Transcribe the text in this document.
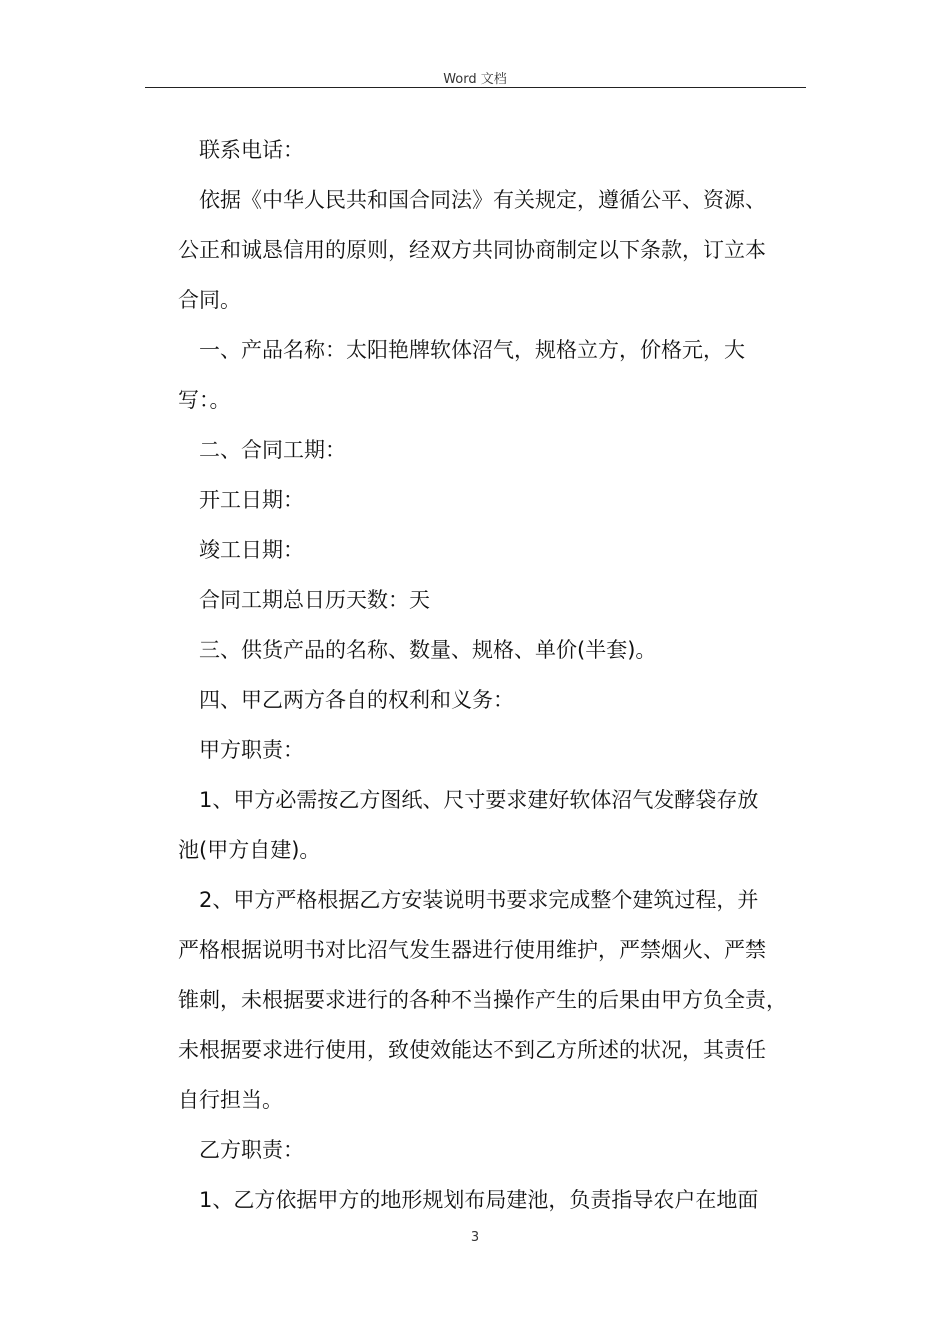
Word 文档

联系电话：

依据《中华人民共和国合同法》有关规定，遵循公平、资源、

公正和诚恳信用的原则，经双方共同协商制定以下条款，订立本

合同。

一、产品名称：太阳艳牌软体沼气，规格立方，价格元，大

写：。

二、合同工期：

开工日期：

竣工日期：

合同工期总日历天数：天

三、供货产品的名称、数量、规格、单价(半套)。

四、甲乙两方各自的权利和义务：

甲方职责：

1、甲方必需按乙方图纸、尺寸要求建好软体沼气发酵袋存放

池(甲方自建)。

2、甲方严格根据乙方安装说明书要求完成整个建筑过程，并

严格根据说明书对比沼气发生器进行使用维护，严禁烟火、严禁

锥刺，未根据要求进行的各种不当操作产生的后果由甲方负全责，

未根据要求进行使用，致使效能达不到乙方所述的状况，其责任

自行担当。

乙方职责：

1、乙方依据甲方的地形规划布局建池，负责指导农户在地面

3
